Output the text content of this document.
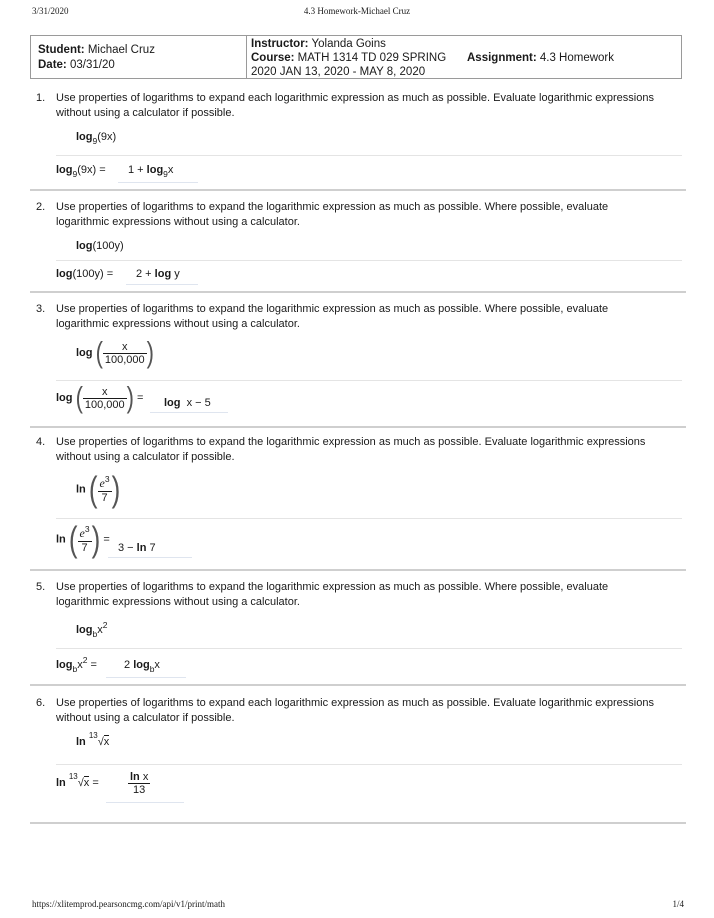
3/31/2020	4.3 Homework-Michael Cruz
Student: Michael Cruz
Date: 03/31/20
Instructor: Yolanda Goins
Course: MATH 1314 TD 029 SPRING
2020 JAN 13, 2020 - MAY 8, 2020
Assignment: 4.3 Homework
1. Use properties of logarithms to expand each logarithmic expression as much as possible. Evaluate logarithmic expressions
without using a calculator if possible.
$\log_9(9x)$
$\log_9(9x) = 1 + \log_9x$
2. Use properties of logarithms to expand the logarithmic expression as much as possible. Where possible, evaluate
logarithmic expressions without using a calculator.
log(100y)
log(100y) = 2 + log y
3. Use properties of logarithms to expand the logarithmic expression as much as possible. Where possible, evaluate
logarithmic expressions without using a calculator.
log ( $\frac{x}{100,000}$ )
log ( $\frac{x}{100,000}$ ) = log x − 5
4. Use properties of logarithms to expand the logarithmic expression as much as possible. Evaluate logarithmic expressions
without using a calculator if possible.
ln ( $\frac{e^3}{7}$ )
ln ( $\frac{e^3}{7}$ ) =
3 − ln 7
5. Use properties of logarithms to expand the logarithmic expression as much as possible. Where possible, evaluate
logarithmic expressions without using a calculator.
$\log_bx^2$
$\log_bx^2 = 2$ $\log_bx$
6. Use properties of logarithms to expand each logarithmic expression as much as possible. Evaluate logarithmic expressions
without using a calculator if possible.
ln $^{13}$√x
ln $^{13}$√x =	$\frac{\text{ln x}}{13}$
https://xlitemprod.pearsoncmg.com/api/v1/print/math	1/4
